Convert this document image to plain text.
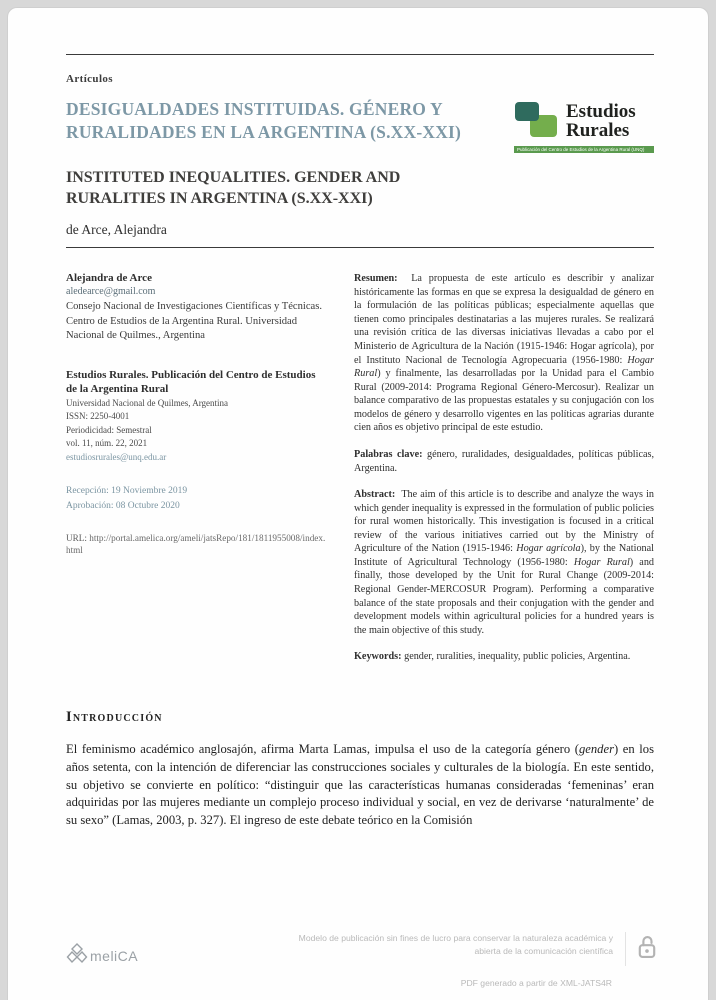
Artículos
DESIGUALDADES INSTITUIDAS. GÉNERO Y RURALIDADES EN LA ARGENTINA (S.XX-XXI)
Estudios
Rurales
Publicación del Centro de Estudios de la Argentina Rural (UNQ)
INSTITUTED INEQUALITIES. GENDER AND RURALITIES IN ARGENTINA (S.XX-XXI)
de Arce, Alejandra
Alejandra de Arce
aledearce@gmail.com
Consejo Nacional de Investigaciones Científicas y Técnicas. Centro de Estudios de la Argentina Rural. Universidad Nacional de Quilmes., Argentina
Estudios Rurales. Publicación del Centro de Estudios de la Argentina Rural
Universidad Nacional de Quilmes, Argentina
ISSN: 2250-4001
Periodicidad: Semestral
vol. 11, núm. 22, 2021
estudiosrurales@unq.edu.ar
Recepción: 19 Noviembre 2019
Aprobación: 08 Octubre 2020
URL: http://portal.amelica.org/ameli/jatsRepo/181/1811955008/index.html

Resumen: La propuesta de este artículo es describir y analizar históricamente las formas en que se expresa la desigualdad de género en la formulación de las políticas públicas; especialmente aquellas que tienen como principales destinatarias a las mujeres rurales. Se realizará una revisión crítica de las diversas iniciativas llevadas a cabo por el Ministerio de Agricultura de la Nación (1915-1946: Hogar agrícola), por el Instituto Nacional de Tecnología Agropecuaria (1956-1980: Hogar Rural) y finalmente, las desarrolladas por la Unidad para el Cambio Rural (2009-2014: Programa Regional Género-Mercosur). Realizar un balance comparativo de las propuestas estatales y su conjugación con los modelos de género y desarrollo vigentes en las políticas agrarias durante cien años es objetivo principal de este estudio.

Palabras clave: género, ruralidades, desigualdades, políticas públicas, Argentina.

Abstract: The aim of this article is to describe and analyze the ways in which gender inequality is expressed in the formulation of public policies for rural women historically. This investigation is focused in a critical review of the various initiatives carried out by the Ministry of Agriculture of the Nation (1915-1946: Hogar agrícola), by the National Institute of Agricultural Technology (1956-1980: Hogar Rural) and finally, those developed by the Unit for Rural Change (2009-2014: Regional Gender-MERCOSUR Program). Performing a comparative balance of the state proposals and their conjugation with the gender and development models within agricultural policies for a hundred years is the main objective of this study.

Keywords: gender, ruralities, inequality, public policies, Argentina.

Introducción

El feminismo académico anglosajón, afirma Marta Lamas, impulsa el uso de la categoría género (gender) en los años setenta, con la intención de diferenciar las construcciones sociales y culturales de la biología. En este sentido, su objetivo se convierte en político: “distinguir que las características humanas consideradas ‘femeninas’ eran adquiridas por las mujeres mediante un complejo proceso individual y social, en vez de derivarse ‘naturalmente’ de su sexo” (Lamas, 2003, p. 327). El ingreso de este debate teórico en la Comisión

meliCA
Modelo de publicación sin fines de lucro para conservar la naturaleza académica y abierta de la comunicación científica
PDF generado a partir de XML-JATS4R
